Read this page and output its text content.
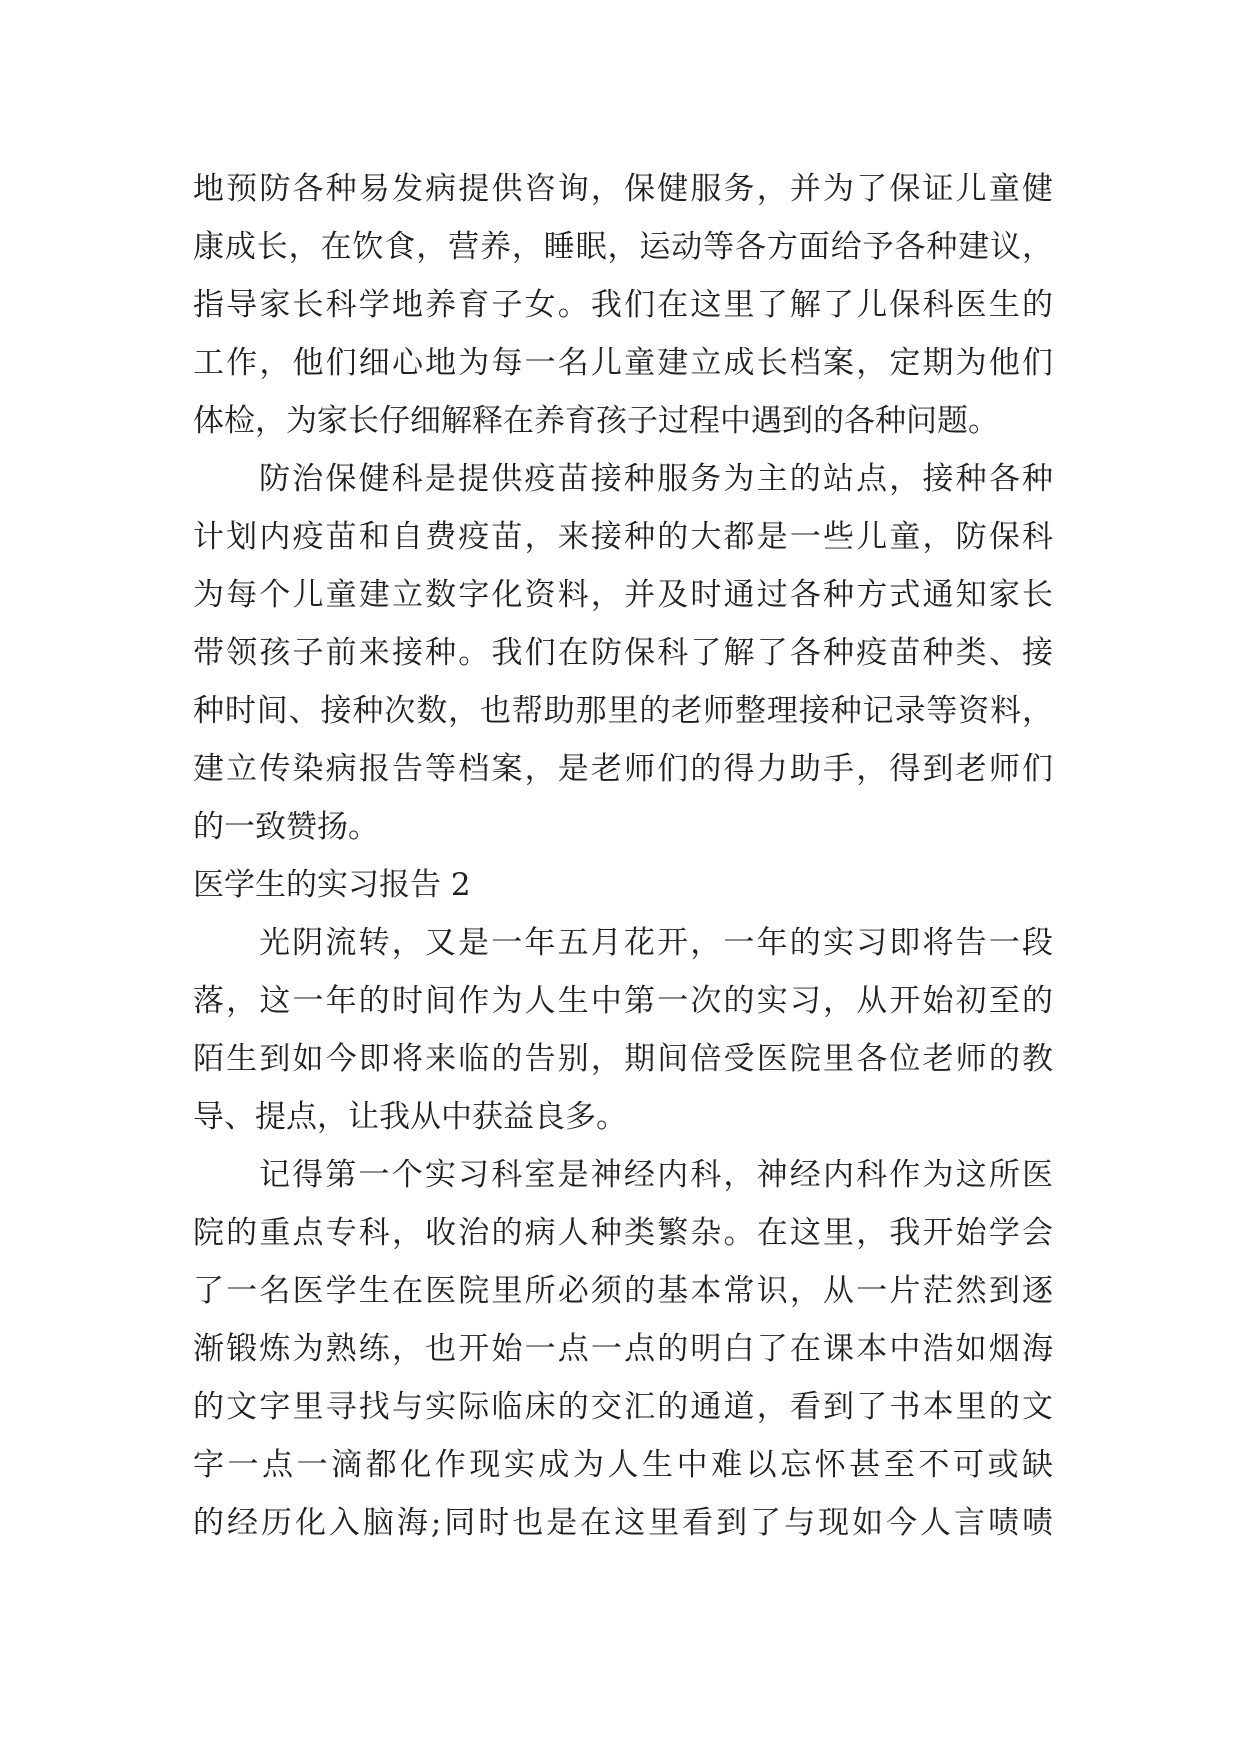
地预防各种易发病提供咨询，保健服务，并为了保证儿童健
康成长，在饮食，营养，睡眠，运动等各方面给予各种建议，
指导家长科学地养育子女。我们在这里了解了儿保科医生的
工作，他们细心地为每一名儿童建立成长档案，定期为他们
体检，为家长仔细解释在养育孩子过程中遇到的各种问题。
防治保健科是提供疫苗接种服务为主的站点，接种各种
计划内疫苗和自费疫苗，来接种的大都是一些儿童，防保科
为每个儿童建立数字化资料，并及时通过各种方式通知家长
带领孩子前来接种。我们在防保科了解了各种疫苗种类、接
种时间、接种次数，也帮助那里的老师整理接种记录等资料，
建立传染病报告等档案，是老师们的得力助手，得到老师们
的一致赞扬。
医学生的实习报告 2
光阴流转，又是一年五月花开，一年的实习即将告一段
落，这一年的时间作为人生中第一次的实习，从开始初至的
陌生到如今即将来临的告别，期间倍受医院里各位老师的教
导、提点，让我从中获益良多。
记得第一个实习科室是神经内科，神经内科作为这所医
院的重点专科，收治的病人种类繁杂。在这里，我开始学会
了一名医学生在医院里所必须的基本常识，从一片茫然到逐
渐锻炼为熟练，也开始一点一点的明白了在课本中浩如烟海
的文字里寻找与实际临床的交汇的通道，看到了书本里的文
字一点一滴都化作现实成为人生中难以忘怀甚至不可或缺
的经历化入脑海;同时也是在这里看到了与现如今人言啧啧
